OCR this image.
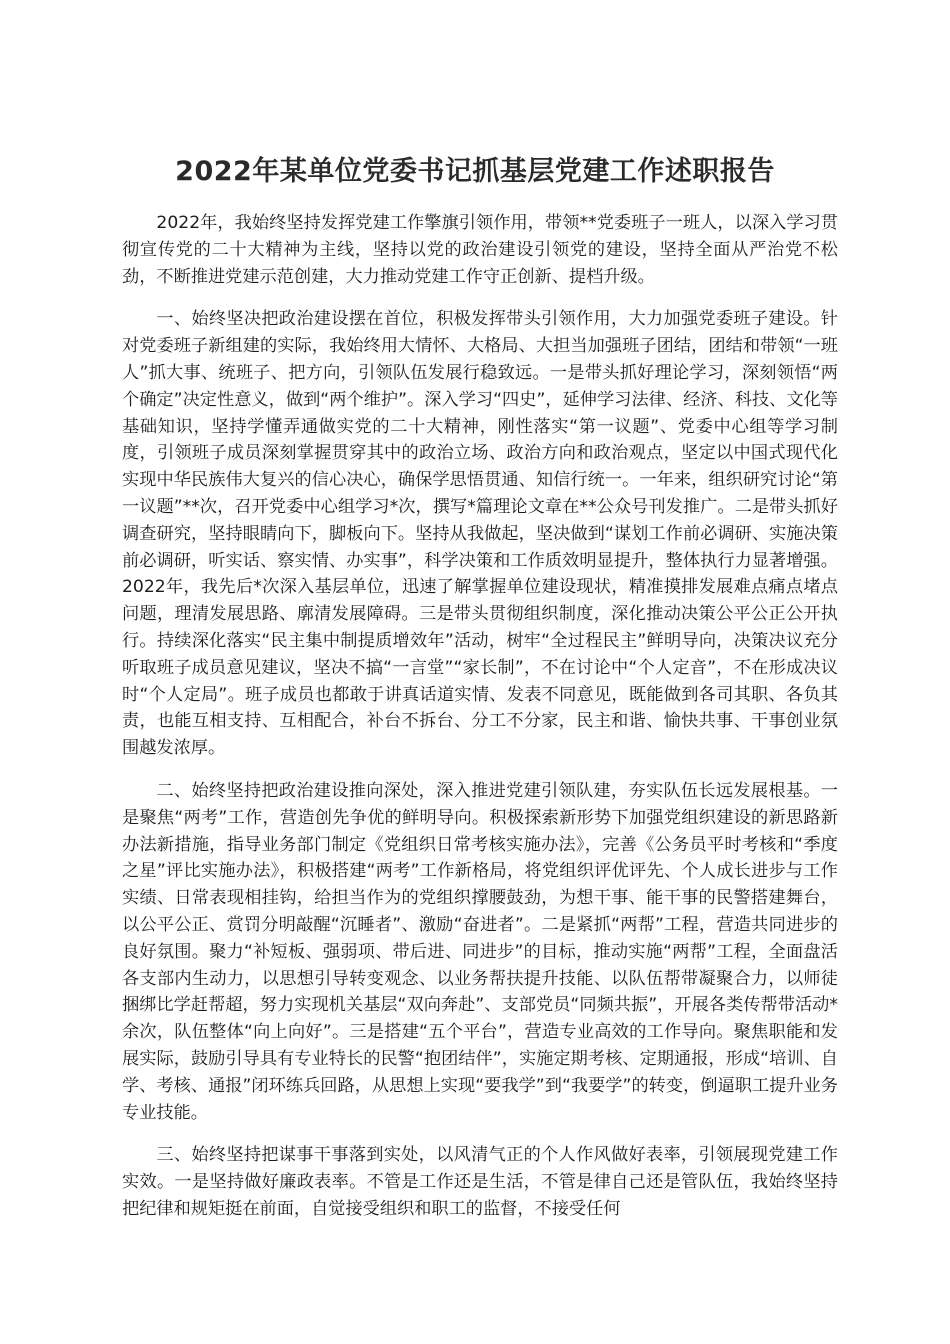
2022年某单位党委书记抓基层党建工作述职报告

2022年，我始终坚持发挥党建工作擎旗引领作用，带领**党委班子一班人，以深入学习贯彻宣传党的二十大精神为主线，坚持以党的政治建设引领党的建设，坚持全面从严治党不松劲，不断推进党建示范创建，大力推动党建工作守正创新、提档升级。

一、始终坚决把政治建设摆在首位，积极发挥带头引领作用，大力加强党委班子建设。针对党委班子新组建的实际，我始终用大情怀、大格局、大担当加强班子团结，团结和带领“一班人”抓大事、统班子、把方向，引领队伍发展行稳致远。一是带头抓好理论学习，深刻领悟“两个确定”决定性意义，做到“两个维护”。深入学习“四史”，延伸学习法律、经济、科技、文化等基础知识，坚持学懂弄通做实党的二十大精神，刚性落实“第一议题”、党委中心组等学习制度，引领班子成员深刻掌握贯穿其中的政治立场、政治方向和政治观点，坚定以中国式现代化实现中华民族伟大复兴的信心决心，确保学思悟贯通、知信行统一。一年来，组织研究讨论“第一议题”**次，召开党委中心组学习*次，撰写*篇理论文章在**公众号刊发推广。二是带头抓好调查研究，坚持眼睛向下，脚板向下。坚持从我做起，坚决做到“谋划工作前必调研、实施决策前必调研，听实话、察实情、办实事”，科学决策和工作质效明显提升，整体执行力显著增强。2022年，我先后*次深入基层单位，迅速了解掌握单位建设现状，精准摸排发展难点痛点堵点问题，理清发展思路、廓清发展障碍。三是带头贯彻组织制度，深化推动决策公平公正公开执行。持续深化落实“民主集中制提质增效年”活动，树牢“全过程民主”鲜明导向，决策决议充分听取班子成员意见建议，坚决不搞“一言堂”“家长制”，不在讨论中“个人定音”，不在形成决议时“个人定局”。班子成员也都敢于讲真话道实情、发表不同意见，既能做到各司其职、各负其责，也能互相支持、互相配合，补台不拆台、分工不分家，民主和谐、愉快共事、干事创业氛围越发浓厚。

二、始终坚持把政治建设推向深处，深入推进党建引领队建，夯实队伍长远发展根基。一是聚焦“两考”工作，营造创先争优的鲜明导向。积极探索新形势下加强党组织建设的新思路新办法新措施，指导业务部门制定《党组织日常考核实施办法》，完善《公务员平时考核和“季度之星”评比实施办法》，积极搭建“两考”工作新格局，将党组织评优评先、个人成长进步与工作实绩、日常表现相挂钩，给担当作为的党组织撑腰鼓劲，为想干事、能干事的民警搭建舞台，以公平公正、赏罚分明敲醒“沉睡者”、激励“奋进者”。二是紧抓“两帮”工程，营造共同进步的良好氛围。聚力“补短板、强弱项、带后进、同进步”的目标，推动实施“两帮”工程，全面盘活各支部内生动力，以思想引导转变观念、以业务帮扶提升技能、以队伍帮带凝聚合力，以师徒捆绑比学赶帮超，努力实现机关基层“双向奔赴”、支部党员“同频共振”，开展各类传帮带活动*余次，队伍整体“向上向好”。三是搭建“五个平台”，营造专业高效的工作导向。聚焦职能和发展实际，鼓励引导具有专业特长的民警“抱团结伴”，实施定期考核、定期通报，形成“培训、自学、考核、通报”闭环练兵回路，从思想上实现“要我学”到“我要学”的转变，倒逼职工提升业务专业技能。

三、始终坚持把谋事干事落到实处，以风清气正的个人作风做好表率，引领展现党建工作实效。一是坚持做好廉政表率。不管是工作还是生活，不管是律自己还是管队伍，我始终坚持把纪律和规矩挺在前面，自觉接受组织和职工的监督，不接受任何
